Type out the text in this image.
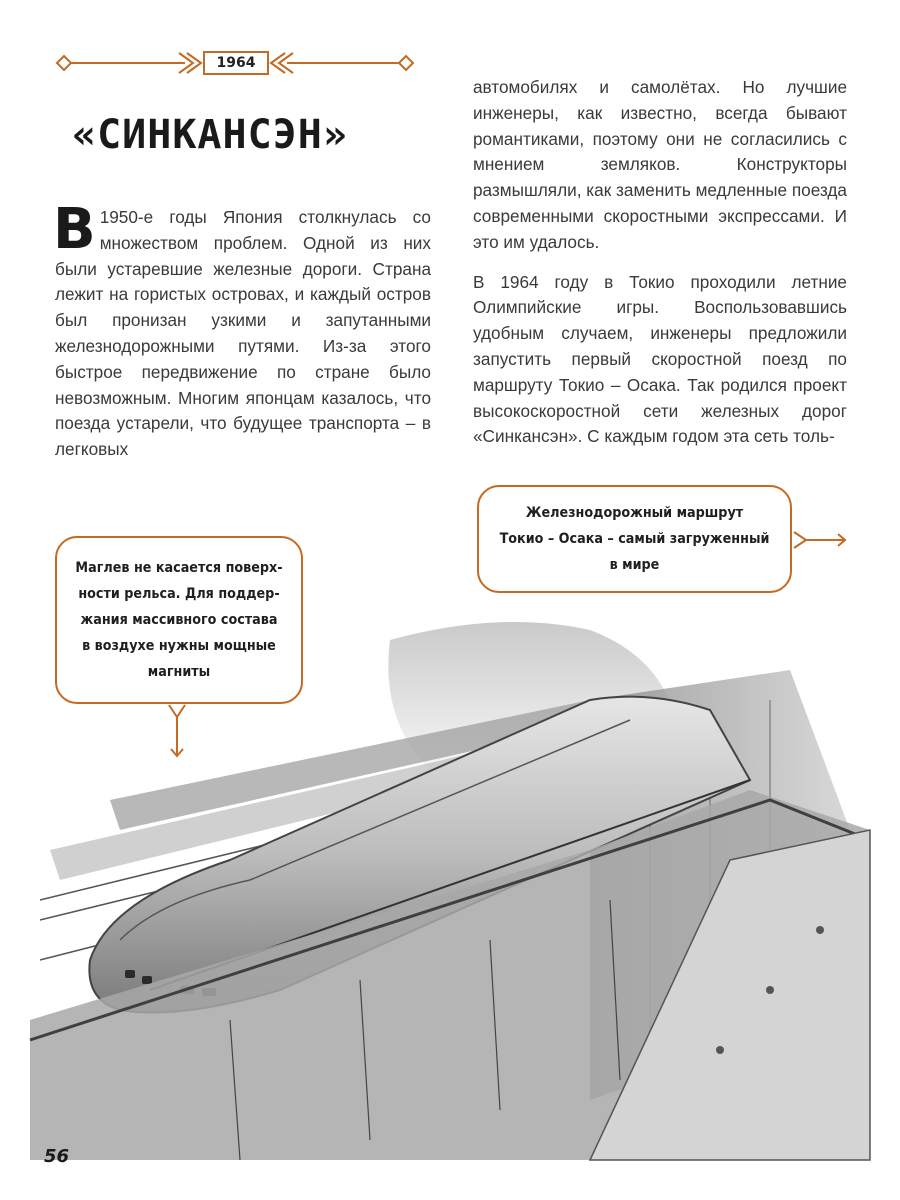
1964
«СИНКАНСЭН»
В 1950-е годы Япония столкнулась со множеством проблем. Одной из них были устаревшие железные дороги. Страна лежит на гористых островах, и каждый остров был пронизан узкими и запутанными железнодорожными путями. Из-за этого быстрое передвижение по стране было невозможным. Многим японцам казалось, что поезда устарели, что будущее транспорта – в легковых

автомобилях и самолётах. Но лучшие инженеры, как известно, всегда бывают романтиками, поэтому они не согласились с мнением земляков. Конструкторы размышляли, как заменить медленные поезда современными скоростными экспрессами. И это им удалось.

В 1964 году в Токио проходили летние Олимпийские игры. Воспользовавшись удобным случаем, инженеры предложили запустить первый скоростной поезд по маршруту Токио – Осака. Так родился проект высокоскоростной сети железных дорог «Синкансэн». С каждым годом эта сеть толь-

Маглев не касается поверх-
ности рельса. Для поддер-
жания массивного состава
в воздухе нужны мощные
магниты
Железнодорожный маршрут
Токио – Осака – самый загруженный
в мире
56
